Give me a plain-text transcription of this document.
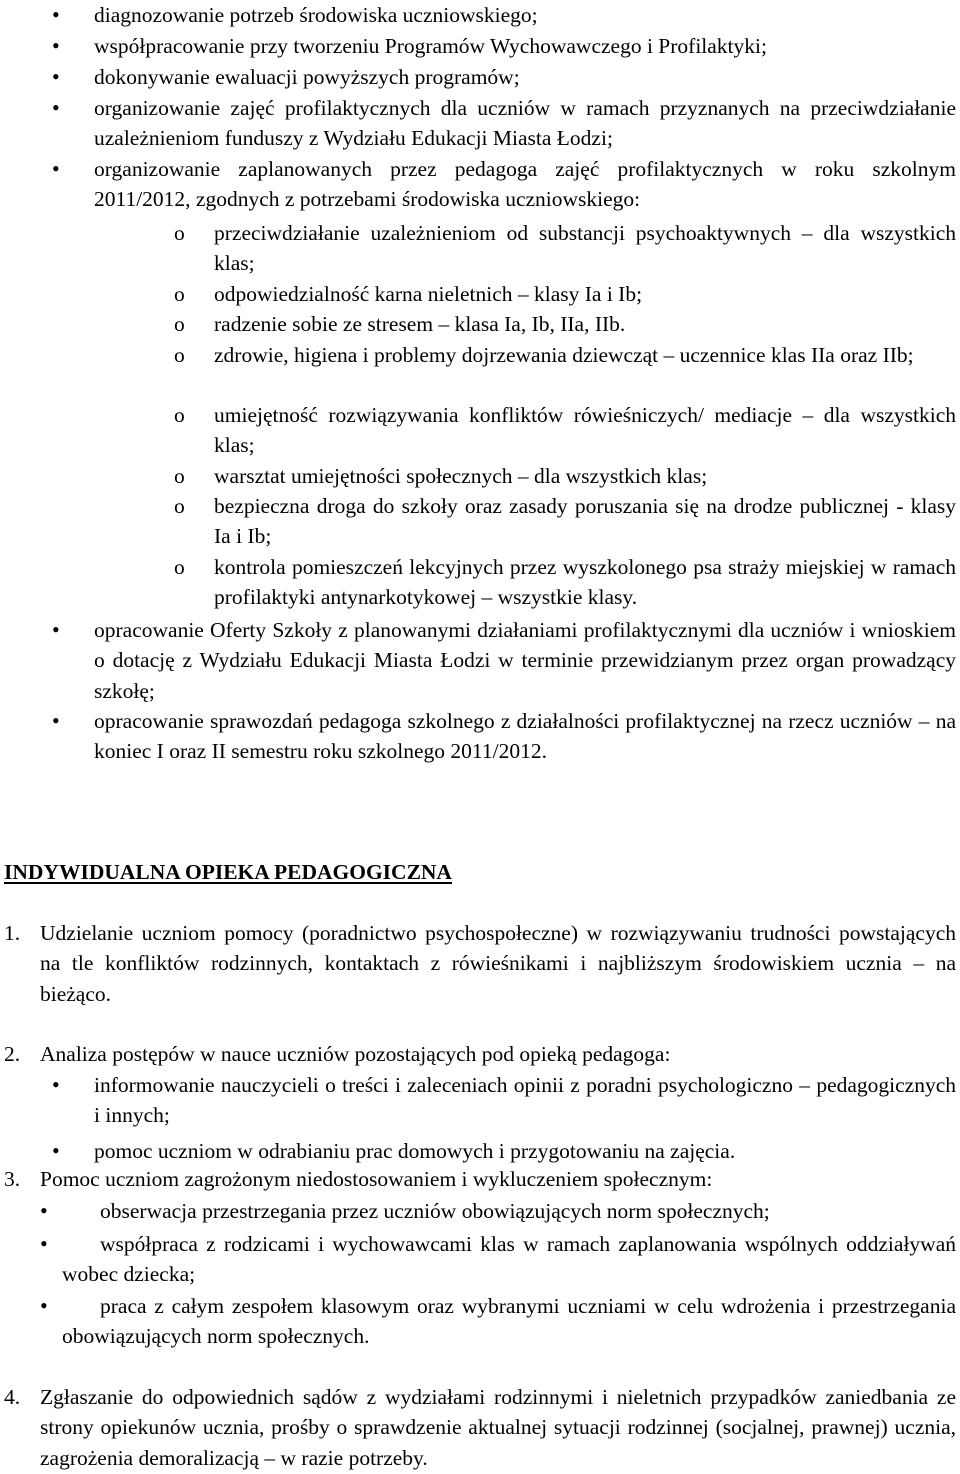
• diagnozowanie potrzeb środowiska uczniowskiego;
• współpracowanie przy tworzeniu Programów Wychowawczego i Profilaktyki;
• dokonywanie ewaluacji powyższych programów;
• organizowanie zajęć profilaktycznych dla uczniów w ramach przyznanych na przeciwdziałanie uzależnieniom funduszy z Wydziału Edukacji Miasta Łodzi;
• organizowanie zaplanowanych przez pedagoga zajęć profilaktycznych w roku szkolnym 2011/2012, zgodnych z potrzebami środowiska uczniowskiego:
o przeciwdziałanie uzależnieniom od substancji psychoaktywnych – dla wszystkich klas;
o odpowiedzialność karna nieletnich – klasy Ia i Ib;
o radzenie sobie ze stresem – klasa Ia, Ib, IIa, IIb.
o zdrowie, higiena i problemy dojrzewania dziewcząt – uczennice klas IIa oraz IIb;
o umiejętność rozwiązywania konfliktów rówieśniczych/ mediacje – dla wszystkich klas;
o warsztat umiejętności społecznych – dla wszystkich klas;
o bezpieczna droga do szkoły oraz zasady poruszania się na drodze publicznej - klasy Ia i Ib;
o kontrola pomieszczeń lekcyjnych przez wyszkolonego psa straży miejskiej w ramach profilaktyki antynarkotykowej – wszystkie klasy.
• opracowanie Oferty Szkoły z planowanymi działaniami profilaktycznymi dla uczniów i wnioskiem o dotację z Wydziału Edukacji Miasta Łodzi w terminie przewidzianym przez organ prowadzący szkołę;
• opracowanie sprawozdań pedagoga szkolnego z działalności profilaktycznej na rzecz uczniów – na koniec I oraz II semestru roku szkolnego 2011/2012.
INDYWIDUALNA OPIEKA PEDAGOGICZNA
1. Udzielanie uczniom pomocy (poradnictwo psychospołeczne) w rozwiązywaniu trudności powstających na tle konfliktów rodzinnych, kontaktach z rówieśnikami i najbliższym środowiskiem ucznia – na bieżąco.
2. Analiza postępów w nauce uczniów pozostających pod opieką pedagoga:
• informowanie nauczycieli o treści i zaleceniach opinii z poradni psychologiczno – pedagogicznych i innych;
• pomoc uczniom w odrabianiu prac domowych i przygotowaniu na zajęcia.
3. Pomoc uczniom zagrożonym niedostosowaniem i wykluczeniem społecznym:
• obserwacja przestrzegania przez uczniów obowiązujących norm społecznych;
•	współpraca z rodzicami i wychowawcami klas w ramach zaplanowania wspólnych oddziaływań wobec dziecka;
•	praca z całym zespołem klasowym oraz wybranymi uczniami w celu wdrożenia i przestrzegania obowiązujących norm społecznych.
4. Zgłaszanie do odpowiednich sądów z wydziałami rodzinnymi i nieletnich przypadków zaniedbania ze strony opiekunów ucznia, prośby o sprawdzenie aktualnej sytuacji rodzinnej (socjalnej, prawnej) ucznia, zagrożenia demoralizacją – w razie potrzeby.
